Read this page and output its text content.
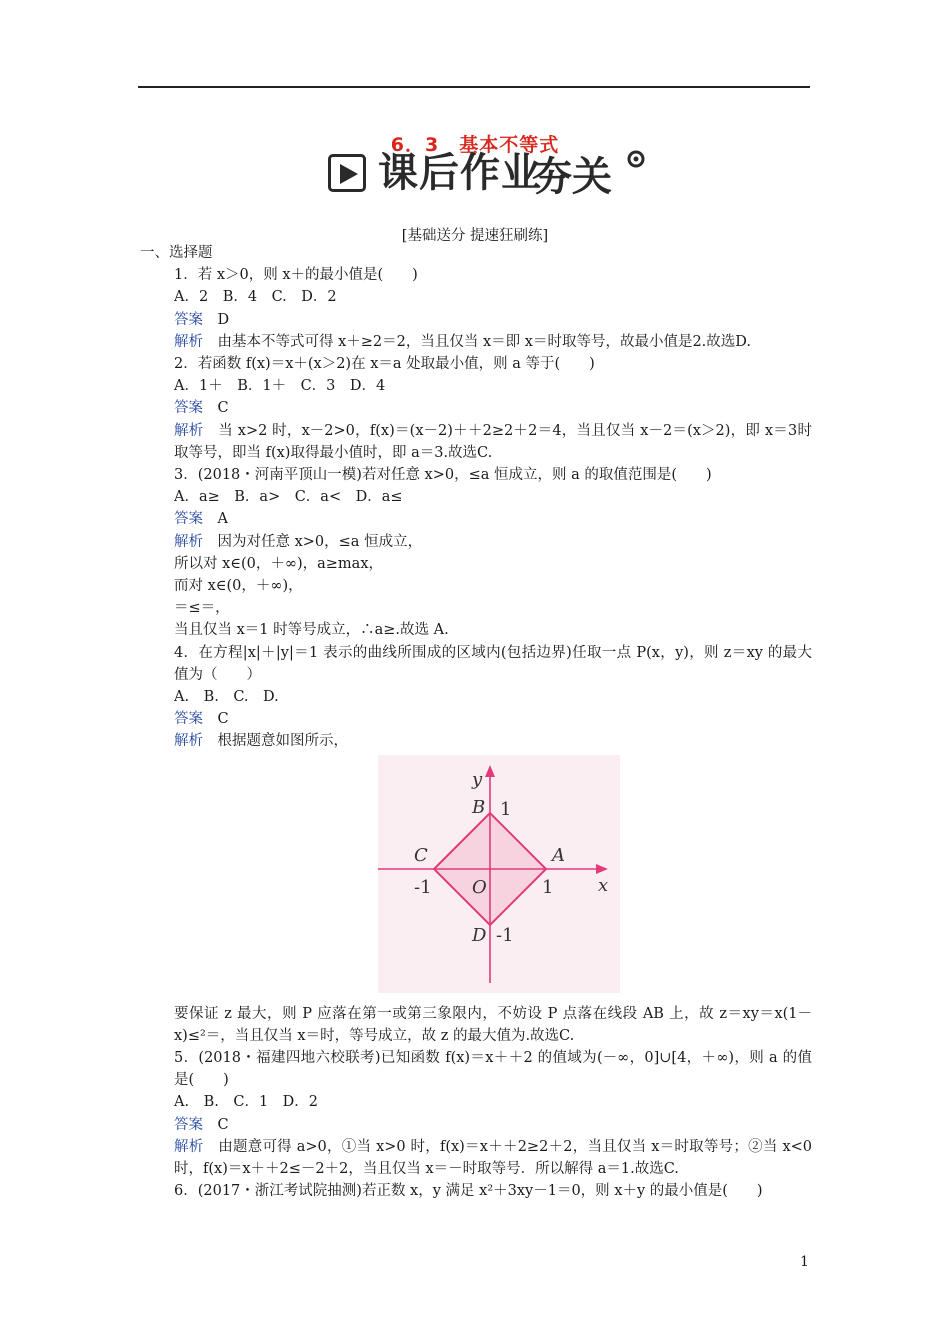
6．3　基本不等式
课后作业
夯关
[基础送分 提速狂刷练]

一、选择题

1．若 x＞0，则 x＋的最小值是(　　)

A．2　B．4　C.　D．2

答案　D

解析　由基本不等式可得 x＋≥2＝2，当且仅当 x＝即 x＝时取等号，故最小值是2.故选D.

2．若函数 f(x)＝x＋(x＞2)在 x＝a 处取最小值，则 a 等于(　　)

A．1＋　B．1＋　C．3　D．4

答案　C

解析　当 x>2 时，x－2>0，f(x)＝(x－2)＋＋2≥2＋2＝4，当且仅当 x－2＝(x＞2)，即 x＝3时取等号，即当 f(x)取得最小值时，即 a＝3.故选C.

3．(2018・河南平顶山一模)若对任意 x>0，≤a 恒成立，则 a 的取值范围是(　　)

A．a≥　B．a>　C．a<　D．a≤

答案　A

解析　因为对任意 x>0，≤a 恒成立，

所以对 x∈(0，＋∞)，a≥max，

而对 x∈(0，＋∞)，

＝≤＝，

当且仅当 x＝1 时等号成立，∴a≥.故选 A.

4．在方程|x|＋|y|＝1 表示的曲线所围成的区域内(包括边界)任取一点 P(x，y)，则 z＝xy 的最大值为（　　）

A.　B.　C.　D.

答案　C

解析　根据题意如图所示，

y
x
B 1
C	A
-1 O	1
D -1

要保证 z 最大，则 P 应落在第一或第三象限内，不妨设 P 点落在线段 AB 上，故 z＝xy＝x(1－x)≤²＝，当且仅当 x＝时，等号成立，故 z 的最大值为.故选C.

5．(2018・福建四地六校联考)已知函数 f(x)＝x＋＋2 的值域为(－∞，0]∪[4，＋∞)，则 a 的值是(　　)

A.　B.　C．1　D．2

答案　C

解析　由题意可得 a>0，①当 x>0 时，f(x)＝x＋＋2≥2＋2，当且仅当 x＝时取等号；②当 x<0 时，f(x)＝x＋＋2≤－2＋2，当且仅当 x＝－时取等号．所以解得 a＝1.故选C.

6．(2017・浙江考试院抽测)若正数 x，y 满足 x²＋3xy－1＝0，则 x＋y 的最小值是(　　)

1
